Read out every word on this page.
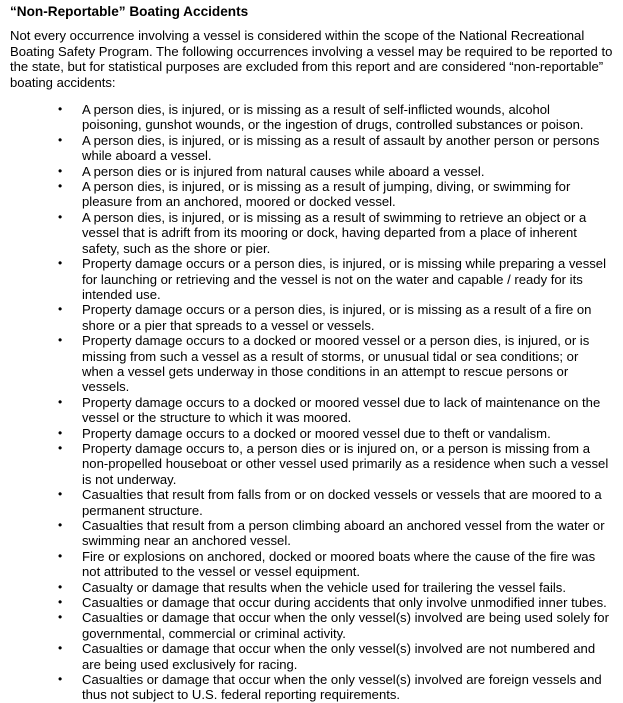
“Non-Reportable” Boating Accidents
Not every occurrence involving a vessel is considered within the scope of the National Recreational Boating Safety Program. The following occurrences involving a vessel may be required to be reported to the state, but for statistical purposes are excluded from this report and are considered “non-reportable” boating accidents:
• A person dies, is injured, or is missing as a result of self-inflicted wounds, alcohol poisoning, gunshot wounds, or the ingestion of drugs, controlled substances or poison.
• A person dies, is injured, or is missing as a result of assault by another person or persons while aboard a vessel.
• A person dies or is injured from natural causes while aboard a vessel.
• A person dies, is injured, or is missing as a result of jumping, diving, or swimming for pleasure from an anchored, moored or docked vessel.
• A person dies, is injured, or is missing as a result of swimming to retrieve an object or a vessel that is adrift from its mooring or dock, having departed from a place of inherent safety, such as the shore or pier.
• Property damage occurs or a person dies, is injured, or is missing while preparing a vessel for launching or retrieving and the vessel is not on the water and capable / ready for its intended use.
• Property damage occurs or a person dies, is injured, or is missing as a result of a fire on shore or a pier that spreads to a vessel or vessels.
• Property damage occurs to a docked or moored vessel or a person dies, is injured, or is missing from such a vessel as a result of storms, or unusual tidal or sea conditions; or when a vessel gets underway in those conditions in an attempt to rescue persons or vessels.
• Property damage occurs to a docked or moored vessel due to lack of maintenance on the vessel or the structure to which it was moored.
• Property damage occurs to a docked or moored vessel due to theft or vandalism.
• Property damage occurs to, a person dies or is injured on, or a person is missing from a non-propelled houseboat or other vessel used primarily as a residence when such a vessel is not underway.
• Casualties that result from falls from or on docked vessels or vessels that are moored to a permanent structure.
• Casualties that result from a person climbing aboard an anchored vessel from the water or swimming near an anchored vessel.
• Fire or explosions on anchored, docked or moored boats where the cause of the fire was not attributed to the vessel or vessel equipment.
• Casualty or damage that results when the vehicle used for trailering the vessel fails.
• Casualties or damage that occur during accidents that only involve unmodified inner tubes.
• Casualties or damage that occur when the only vessel(s) involved are being used solely for governmental, commercial or criminal activity.
• Casualties or damage that occur when the only vessel(s) involved are not numbered and are being used exclusively for racing.
• Casualties or damage that occur when the only vessel(s) involved are foreign vessels and thus not subject to U.S. federal reporting requirements.
